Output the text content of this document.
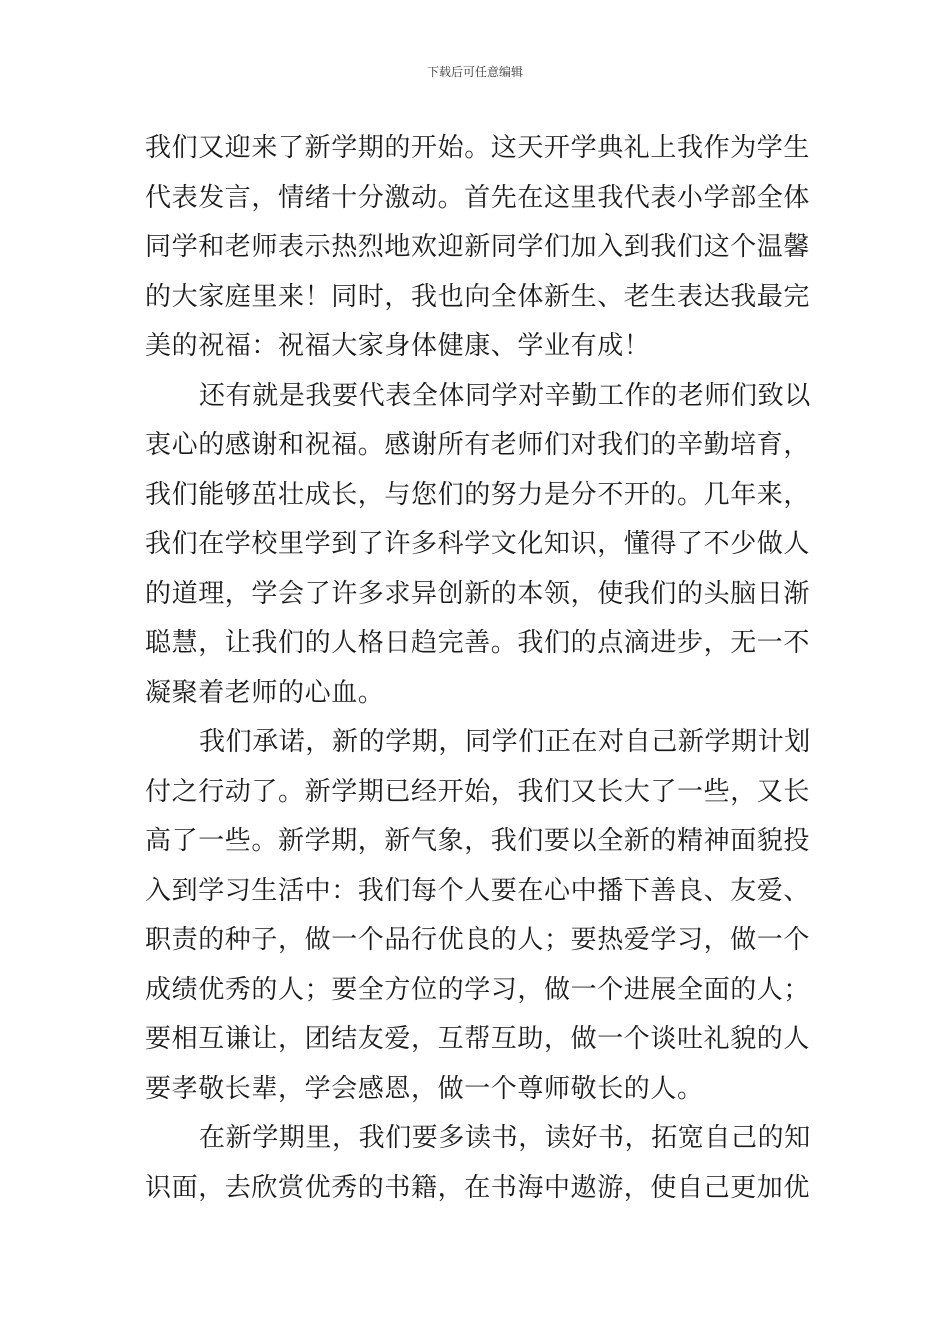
下载后可任意编辑
我们又迎来了新学期的开始。这天开学典礼上我作为学生
代表发言，情绪十分激动。首先在这里我代表小学部全体
同学和老师表示热烈地欢迎新同学们加入到我们这个温馨
的大家庭里来！同时，我也向全体新生、老生表达我最完
美的祝福：祝福大家身体健康、学业有成！
还有就是我要代表全体同学对辛勤工作的老师们致以
衷心的感谢和祝福。感谢所有老师们对我们的辛勤培育，
我们能够茁壮成长，与您们的努力是分不开的。几年来，
我们在学校里学到了许多科学文化知识，懂得了不少做人
的道理，学会了许多求异创新的本领，使我们的头脑日渐
聪慧，让我们的人格日趋完善。我们的点滴进步，无一不
凝聚着老师的心血。
我们承诺，新的学期，同学们正在对自己新学期计划
付之行动了。新学期已经开始，我们又长大了一些，又长
高了一些。新学期，新气象，我们要以全新的精神面貌投
入到学习生活中：我们每个人要在心中播下善良、友爱、
职责的种子，做一个品行优良的人；要热爱学习，做一个
成绩优秀的人；要全方位的学习，做一个进展全面的人；
要相互谦让，团结友爱，互帮互助，做一个谈吐礼貌的人
要孝敬长辈，学会感恩，做一个尊师敬长的人。
在新学期里，我们要多读书，读好书，拓宽自己的知
识面，去欣赏优秀的书籍，在书海中遨游，使自己更加优
